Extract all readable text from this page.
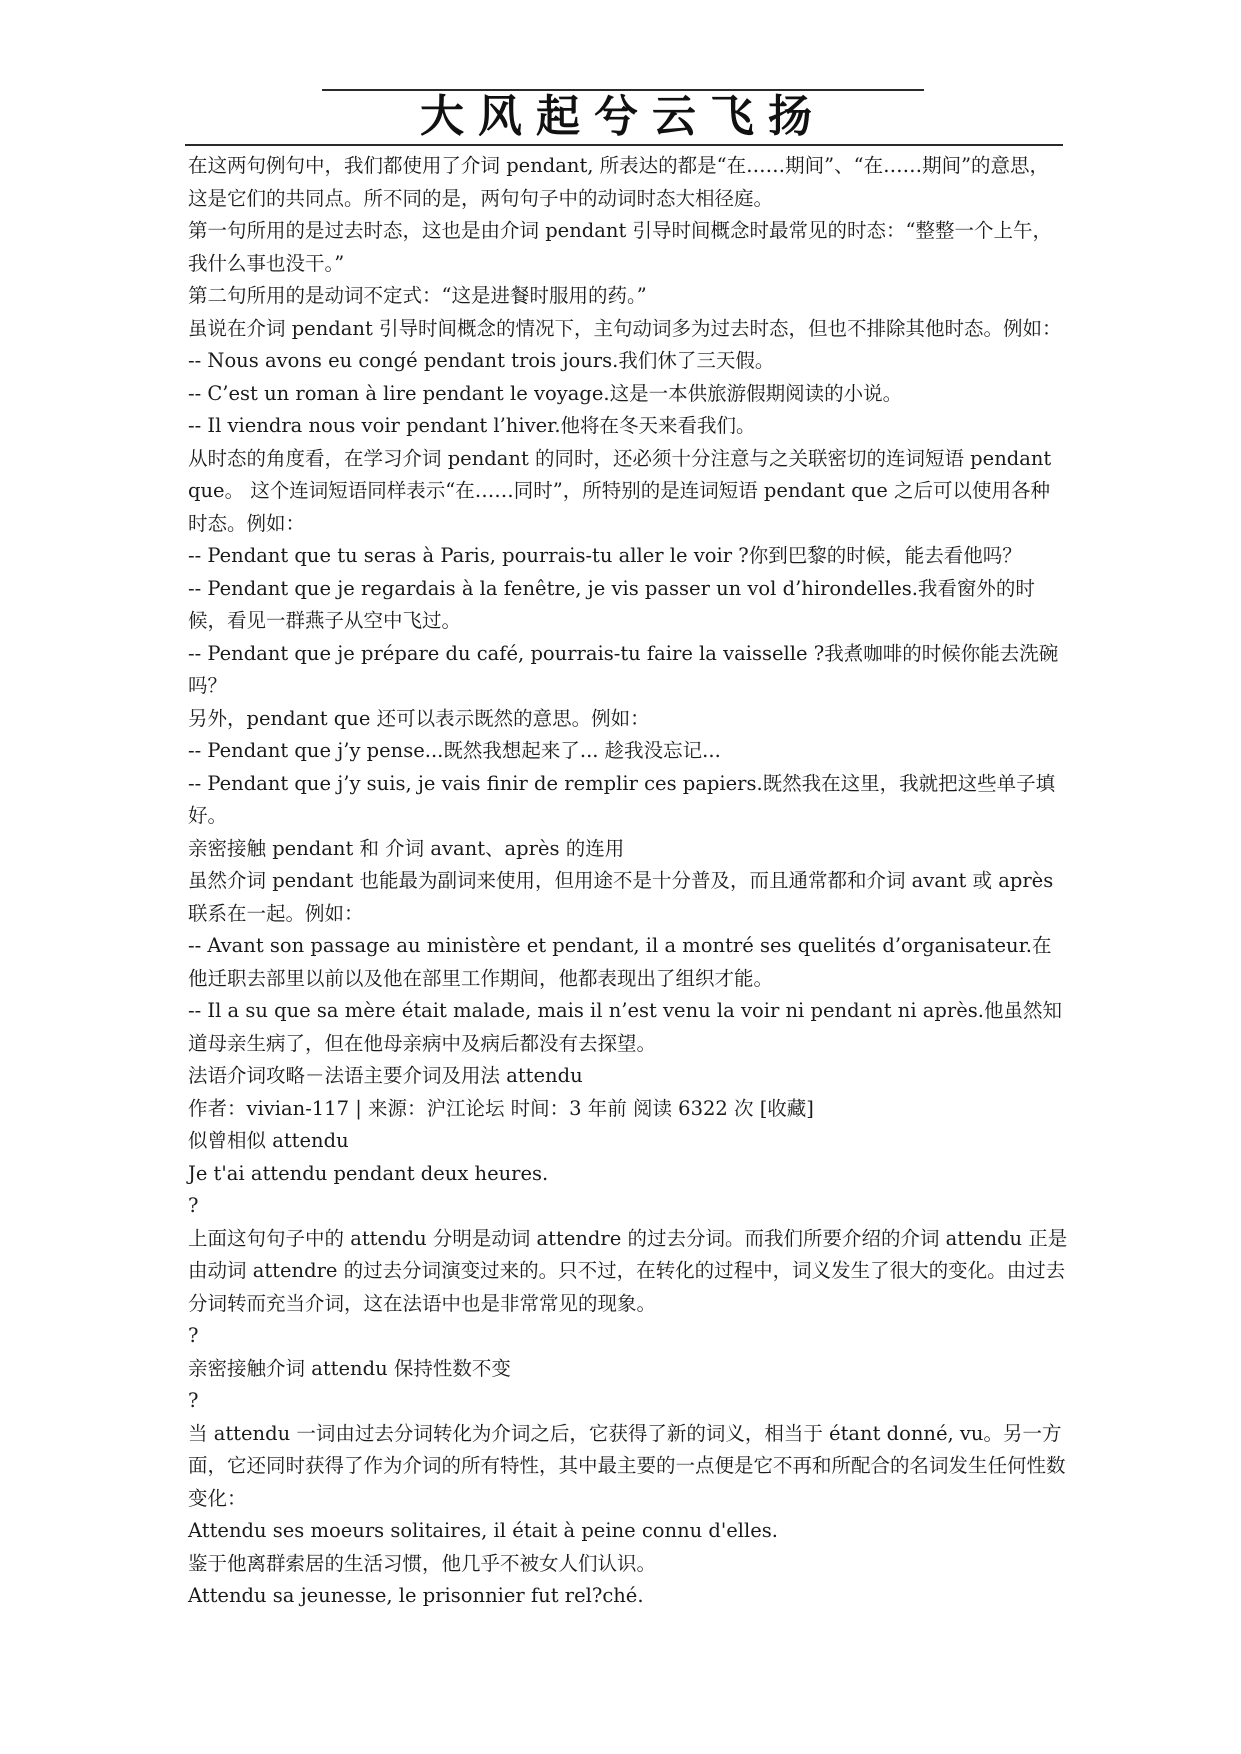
大风起兮云飞扬

在这两句例句中，我们都使用了介词 pendant, 所表达的都是“在……期间”、“在……期间”的意思，这是它们的共同点。所不同的是，两句句子中的动词时态大相径庭。

第一句所用的是过去时态，这也是由介词 pendant 引导时间概念时最常见的时态：“整整一个上午，我什么事也没干。”

第二句所用的是动词不定式：“这是进餐时服用的药。”

虽说在介词 pendant 引导时间概念的情况下，主句动词多为过去时态，但也不排除其他时态。例如：

-- Nous avons eu congé pendant trois jours.我们休了三天假。

-- C’est un roman à lire pendant le voyage.这是一本供旅游假期阅读的小说。

-- Il viendra nous voir pendant l’hiver.他将在冬天来看我们。

从时态的角度看，在学习介词 pendant 的同时，还必须十分注意与之关联密切的连词短语 pendant que。 这个连词短语同样表示“在……同时”，所特别的是连词短语 pendant que 之后可以使用各种时态。例如：

-- Pendant que tu seras à Paris, pourrais-tu aller le voir ?你到巴黎的时候，能去看他吗？

-- Pendant que je regardais à la fenêtre, je vis passer un vol d’hirondelles.我看窗外的时候，看见一群燕子从空中飞过。

-- Pendant que je prépare du café, pourrais-tu faire la vaisselle ?我煮咖啡的时候你能去洗碗吗？

另外，pendant que 还可以表示既然的意思。例如：

-- Pendant que j’y pense...既然我想起来了... 趁我没忘记...

-- Pendant que j’y suis, je vais finir de remplir ces papiers.既然我在这里，我就把这些单子填好。

亲密接触 pendant 和 介词 avant、après 的连用

虽然介词 pendant 也能最为副词来使用，但用途不是十分普及，而且通常都和介词 avant 或 après 联系在一起。例如：

-- Avant son passage au ministère et pendant, il a montré ses quelités d’organisateur.在他迁职去部里以前以及他在部里工作期间，他都表现出了组织才能。

-- Il a su que sa mère était malade, mais il n’est venu la voir ni pendant ni après.他虽然知道母亲生病了，但在他母亲病中及病后都没有去探望。

法语介词攻略－法语主要介词及用法 attendu

作者：vivian-117 | 来源：沪江论坛 时间：3 年前 阅读 6322 次 [收藏]

似曾相似 attendu

Je t'ai attendu pendant deux heures.

?

上面这句句子中的 attendu 分明是动词 attendre 的过去分词。而我们所要介绍的介词 attendu 正是由动词 attendre 的过去分词演变过来的。只不过，在转化的过程中，词义发生了很大的变化。由过去分词转而充当介词，这在法语中也是非常常见的现象。

?

亲密接触介词 attendu 保持性数不变

?

当 attendu 一词由过去分词转化为介词之后，它获得了新的词义，相当于 étant donné, vu。另一方面，它还同时获得了作为介词的所有特性，其中最主要的一点便是它不再和所配合的名词发生任何性数变化：

Attendu ses moeurs solitaires, il était à peine connu d'elles.

鉴于他离群索居的生活习惯，他几乎不被女人们认识。

Attendu sa jeunesse, le prisonnier fut rel?ché.
